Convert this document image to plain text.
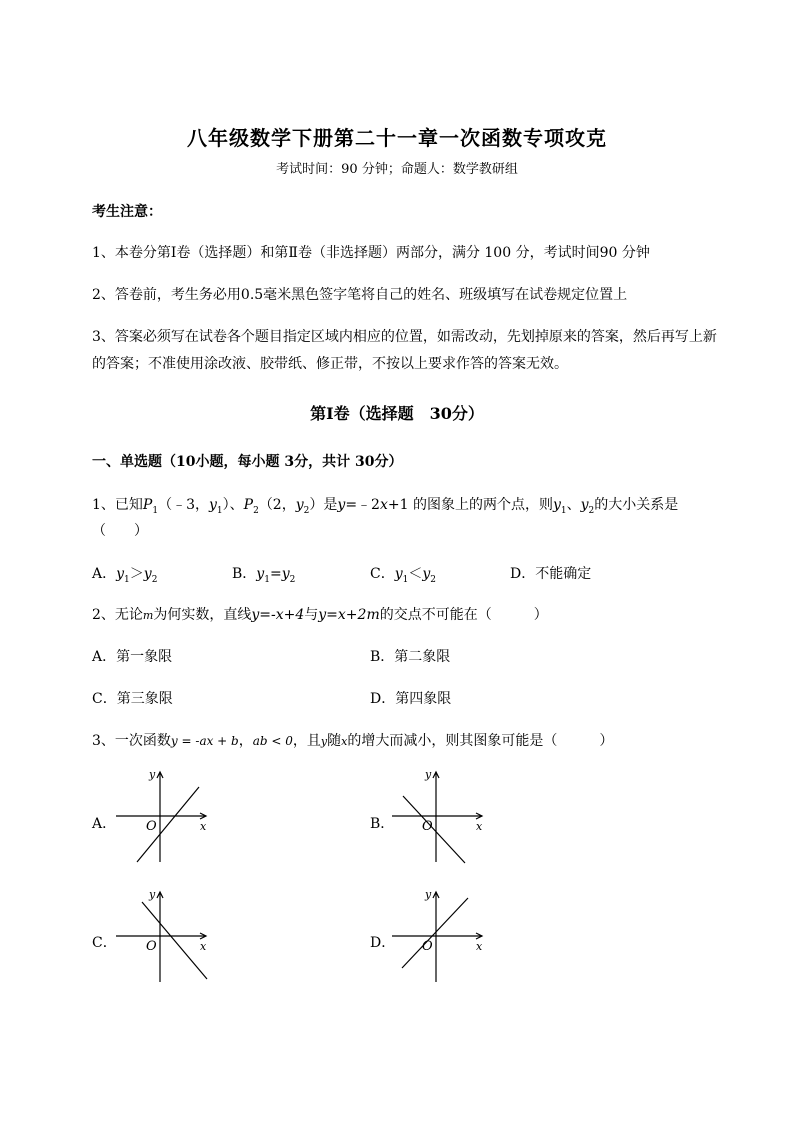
八年级数学下册第二十一章一次函数专项攻克
考试时间：90 分钟；命题人：数学教研组
考生注意：
1、本卷分第Ⅰ卷（选择题）和第Ⅱ卷（非选择题）两部分，满分 100 分，考试时间90 分钟
2、答卷前，考生务必用0.5毫米黑色签字笔将自己的姓名、班级填写在试卷规定位置上
3、答案必须写在试卷各个题目指定区域内相应的位置，如需改动，先划掉原来的答案，然后再写上新
的答案；不准使用涂改液、胶带纸、修正带，不按以上要求作答的答案无效。
第Ⅰ卷（选择题　30分）
一、单选题（10小题，每小题 3分，共计 30分）
1、已知$P_1(﹣3$，$y_1$）、$P_2(2$，$y_2$）是y=﹣2x+1 的图象上的两个点，则$y_1$、$y_2$的大小关系是
（　　）
A．$y_1>y_2$	B．$y_1=y_2$	C．$y_1<y_2$	D．不能确定
2、无论m为何实数，直线y=-x+4与y=x+2m的交点不可能在（　　　）
A．第一象限	B．第二象限
C．第三象限	D．第四象限
3、一次函数y = -ax + b，ab < 0，且y随x的增大而减小，则其图象可能是（　　　）
A．
y
x
O	B．
y
x
O
C．
y
x
O	D．
y
x
O
